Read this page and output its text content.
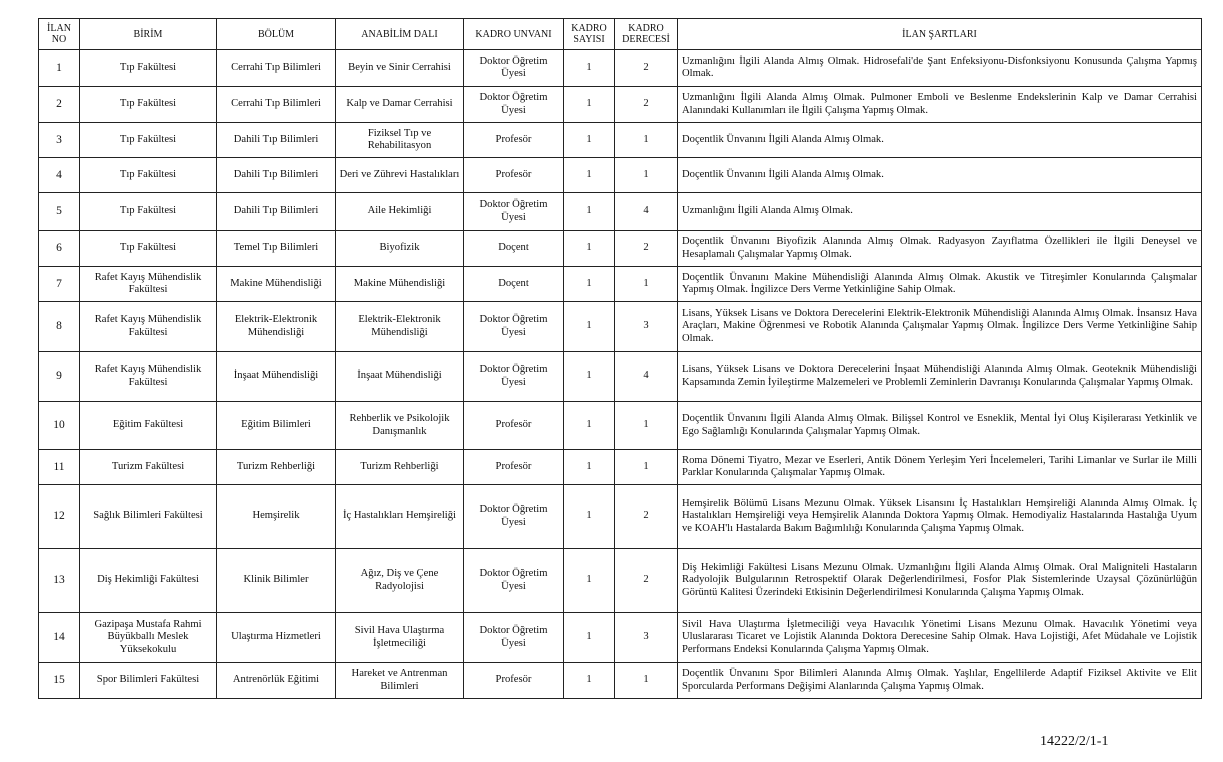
İLAN NO	BİRİM	BÖLÜM	ANABİLİM DALI	KADRO UNVANI	KADRO SAYISI	KADRO DERECESİ	İLAN ŞARTLARI
1	Tıp Fakültesi	Cerrahi Tıp Bilimleri	Beyin ve Sinir Cerrahisi	Doktor Öğretim Üyesi	1	2	Uzmanlığını İlgili Alanda Almış Olmak. Hidrosefali'de Şant Enfeksiyonu-Disfonksiyonu Konusunda Çalışma Yapmış Olmak.
2	Tıp Fakültesi	Cerrahi Tıp Bilimleri	Kalp ve Damar Cerrahisi	Doktor Öğretim Üyesi	1	2	Uzmanlığını İlgili Alanda Almış Olmak. Pulmoner Emboli ve Beslenme Endekslerinin Kalp ve Damar Cerrahisi Alanındaki Kullanımları ile İlgili Çalışma Yapmış Olmak.
3	Tıp Fakültesi	Dahili Tıp Bilimleri	Fiziksel Tıp ve Rehabilitasyon	Profesör	1	1	Doçentlik Ünvanını İlgili Alanda Almış Olmak.
4	Tıp Fakültesi	Dahili Tıp Bilimleri	Deri ve Zührevi Hastalıkları	Profesör	1	1	Doçentlik Ünvanını İlgili Alanda Almış Olmak.
5	Tıp Fakültesi	Dahili Tıp Bilimleri	Aile Hekimliği	Doktor Öğretim Üyesi	1	4	Uzmanlığını İlgili Alanda Almış Olmak.
6	Tıp Fakültesi	Temel Tıp Bilimleri	Biyofizik	Doçent	1	2	Doçentlik Ünvanını Biyofizik Alanında Almış Olmak. Radyasyon Zayıflatma Özellikleri ile İlgili Deneysel ve Hesaplamalı Çalışmalar Yapmış Olmak.
7	Rafet Kayış Mühendislik Fakültesi	Makine Mühendisliği	Makine Mühendisliği	Doçent	1	1	Doçentlik Ünvanını Makine Mühendisliği Alanında Almış Olmak. Akustik ve Titreşimler Konularında Çalışmalar Yapmış Olmak. İngilizce Ders Verme Yetkinliğine Sahip Olmak.
8	Rafet Kayış Mühendislik Fakültesi	Elektrik-Elektronik Mühendisliği	Elektrik-Elektronik Mühendisliği	Doktor Öğretim Üyesi	1	3	Lisans, Yüksek Lisans ve Doktora Derecelerini Elektrik-Elektronik Mühendisliği Alanında Almış Olmak. İnsansız Hava Araçları, Makine Öğrenmesi ve Robotik Alanında Çalışmalar Yapmış Olmak. İngilizce Ders Verme Yetkinliğine Sahip Olmak.
9	Rafet Kayış Mühendislik Fakültesi	İnşaat Mühendisliği	İnşaat Mühendisliği	Doktor Öğretim Üyesi	1	4	Lisans, Yüksek Lisans ve Doktora Derecelerini İnşaat Mühendisliği Alanında Almış Olmak. Geoteknik Mühendisliği Kapsamında Zemin İyileştirme Malzemeleri ve Problemli Zeminlerin Davranışı Konularında Çalışmalar Yapmış Olmak.
10	Eğitim Fakültesi	Eğitim Bilimleri	Rehberlik ve Psikolojik Danışmanlık	Profesör	1	1	Doçentlik Ünvanını İlgili Alanda Almış Olmak. Bilişsel Kontrol ve Esneklik, Mental İyi Oluş Kişilerarası Yetkinlik ve Ego Sağlamlığı Konularında Çalışmalar Yapmış Olmak.
11	Turizm Fakültesi	Turizm Rehberliği	Turizm Rehberliği	Profesör	1	1	Roma Dönemi Tiyatro, Mezar ve Eserleri, Antik Dönem Yerleşim Yeri İncelemeleri, Tarihi Limanlar ve Surlar ile Milli Parklar Konularında Çalışmalar Yapmış Olmak.
12	Sağlık Bilimleri Fakültesi	Hemşirelik	İç Hastalıkları Hemşireliği	Doktor Öğretim Üyesi	1	2	Hemşirelik Bölümü Lisans Mezunu Olmak. Yüksek Lisansını İç Hastalıkları Hemşireliği Alanında Almış Olmak. İç Hastalıkları Hemşireliği veya Hemşirelik Alanında Doktora Yapmış Olmak. Hemodiyaliz Hastalarında Hastalığa Uyum ve KOAH'lı Hastalarda Bakım Bağımlılığı Konularında Çalışma Yapmış Olmak.
13	Diş Hekimliği Fakültesi	Klinik Bilimler	Ağız, Diş ve Çene Radyolojisi	Doktor Öğretim Üyesi	1	2	Diş Hekimliği Fakültesi Lisans Mezunu Olmak. Uzmanlığını İlgili Alanda Almış Olmak. Oral Maligniteli Hastaların Radyolojik Bulgularının Retrospektif Olarak Değerlendirilmesi, Fosfor Plak Sistemlerinde Uzaysal Çözünürlüğün Görüntü Kalitesi Üzerindeki Etkisinin Değerlendirilmesi Konularında Çalışma Yapmış Olmak.
14	Gazipaşa Mustafa Rahmi Büyükballı Meslek Yüksekokulu	Ulaştırma Hizmetleri	Sivil Hava Ulaştırma İşletmeciliği	Doktor Öğretim Üyesi	1	3	Sivil Hava Ulaştırma İşletmeciliği veya Havacılık Yönetimi Lisans Mezunu Olmak. Havacılık Yönetimi veya Uluslararası Ticaret ve Lojistik Alanında Doktora Derecesine Sahip Olmak. Hava Lojistiği, Afet Müdahale ve Lojistik Performans Endeksi Konularında Çalışma Yapmış Olmak.
15	Spor Bilimleri Fakültesi	Antrenörlük Eğitimi	Hareket ve Antrenman Bilimleri	Profesör	1	1	Doçentlik Ünvanını Spor Bilimleri Alanında Almış Olmak. Yaşlılar, Engellilerde Adaptif Fiziksel Aktivite ve Elit Sporcularda Performans Değişimi Alanlarında Çalışma Yapmış Olmak.
14222/2/1-1
